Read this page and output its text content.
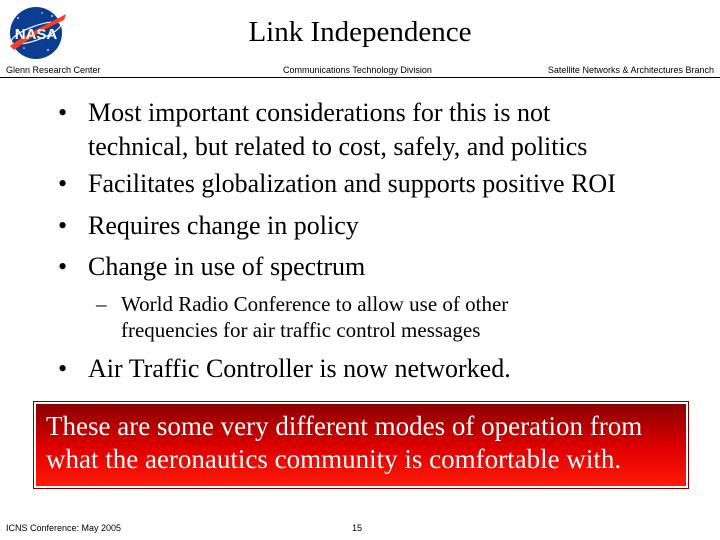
NASA	Link Independence
Glenn Research Center	Communications Technology Division	Satellite Networks & Architectures Branch
• Most important considerations for this is not
technical, but related to cost, safely, and politics
• Facilitates globalization and supports positive ROI
• Requires change in policy
• Change in use of spectrum
– World Radio Conference to allow use of other
frequencies for air traffic control messages
• Air Traffic Controller is now networked.
These are some very different modes of operation from
what the aeronautics community is comfortable with.
ICNS Conference: May 2005	15
